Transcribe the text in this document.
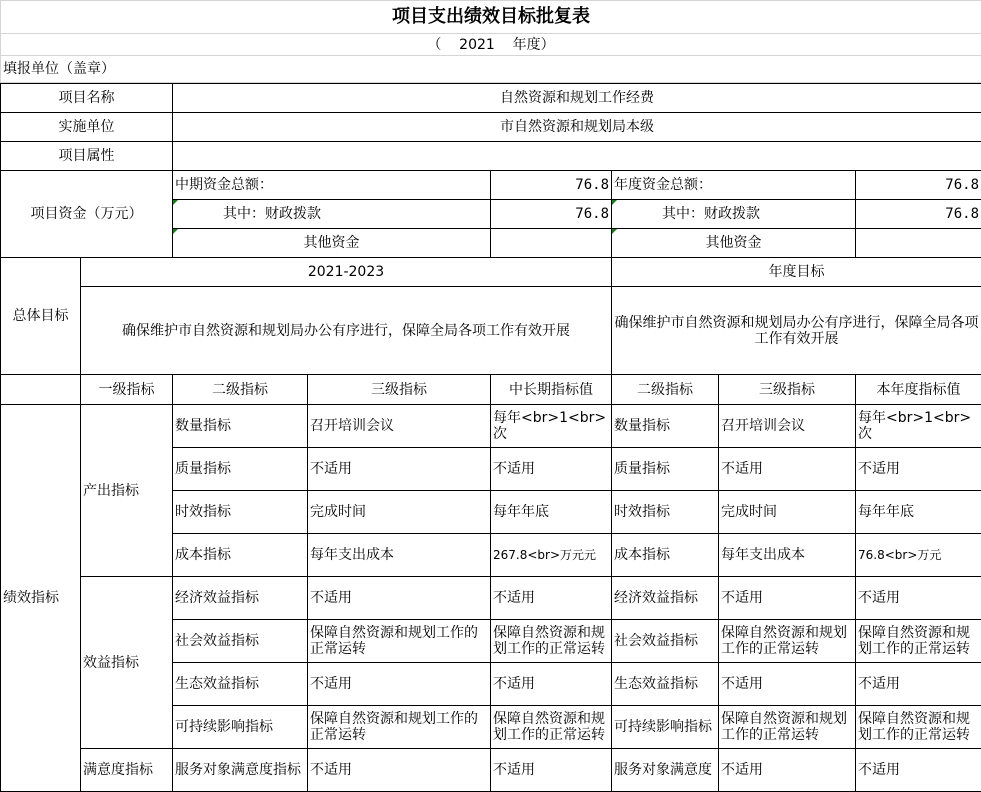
项目支出绩效目标批复表
（    2021    年度）
填报单位（盖章）
项目名称		自然资源和规划工作经费					
实施单位		市自然资源和规划局本级					
项目属性							
项目资金（万元）		中期资金总额：		76.8	年度资金总额：		76.8
		其中：财政拨款		76.8	其中：财政拨款		76.8
		其他资金			其他资金		
总体目标	2021-2023				年度目标		
	确保维护市自然资源和规划局办公有序进行，保障全局各项工作有效开展				确保维护市自然资源和规划局办公有序进行，保障全局各项工作有效开展		
	一级指标	二级指标	三级指标	中长期指标值	二级指标	三级指标	本年度指标值
绩效指标	产出指标	数量指标	召开培训会议	每年<br>1<br>次	数量指标	召开培训会议	每年<br>1<br>次

		质量指标	不适用	不适用	质量指标	不适用	不适用

		时效指标	完成时间	每年年底	时效指标	完成时间	每年年底

		成本指标	每年支出成本	267.8<br>万元元	成本指标	每年支出成本	76.8<br>万元

	效益指标	经济效益指标	不适用	不适用	经济效益指标	不适用	不适用

		社会效益指标	保障自然资源和规划工作的正常运转	保障自然资源和规划工作的正常运转	社会效益指标	保障自然资源和规划工作的正常运转	保障自然资源和规划工作的正常运转

		生态效益指标	不适用	不适用	生态效益指标	不适用	不适用

		可持续影响指标	保障自然资源和规划工作的正常运转	保障自然资源和规划工作的正常运转	可持续影响指标	保障自然资源和规划工作的正常运转	保障自然资源和规划工作的正常运转

	满意度指标	服务对象满意度指标	不适用	不适用	服务对象满意度	不适用	不适用
